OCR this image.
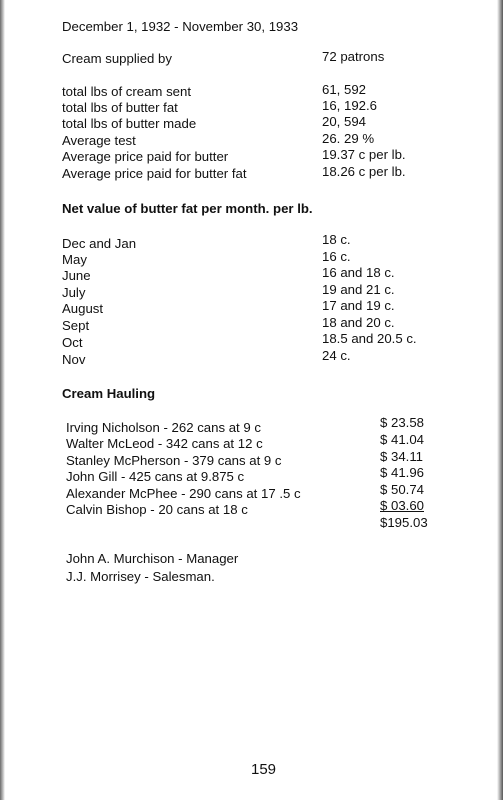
December 1, 1932 - November 30, 1933
Cream supplied by	72 patrons
total lbs of cream sent	61, 592
total lbs of butter fat	16, 192.6
total lbs of butter made	20, 594
Average test	26. 29 %
Average price paid for butter	19.37 c per lb.
Average price paid for butter fat	18.26 c per lb.
Net value of butter fat per month. per lb.
Dec and Jan	18 c.
May	16 c.
June	16 and 18 c.
July	19 and 21 c.
August	17 and 19 c.
Sept	18 and 20 c.
Oct	18.5 and 20.5 c.
Nov	24 c.
Cream Hauling
Irving Nicholson - 262 cans at 9 c	$ 23.58
Walter McLeod - 342 cans at 12 c	$ 41.04
Stanley McPherson - 379 cans at 9 c	$ 34.11
John Gill - 425 cans at 9.875 c	$ 41.96
Alexander McPhee - 290 cans at 17 .5 c	$ 50.74
Calvin Bishop - 20 cans at 18 c	$ 03.60
$195.03
John A. Murchison - Manager
J.J. Morrisey - Salesman.
159
